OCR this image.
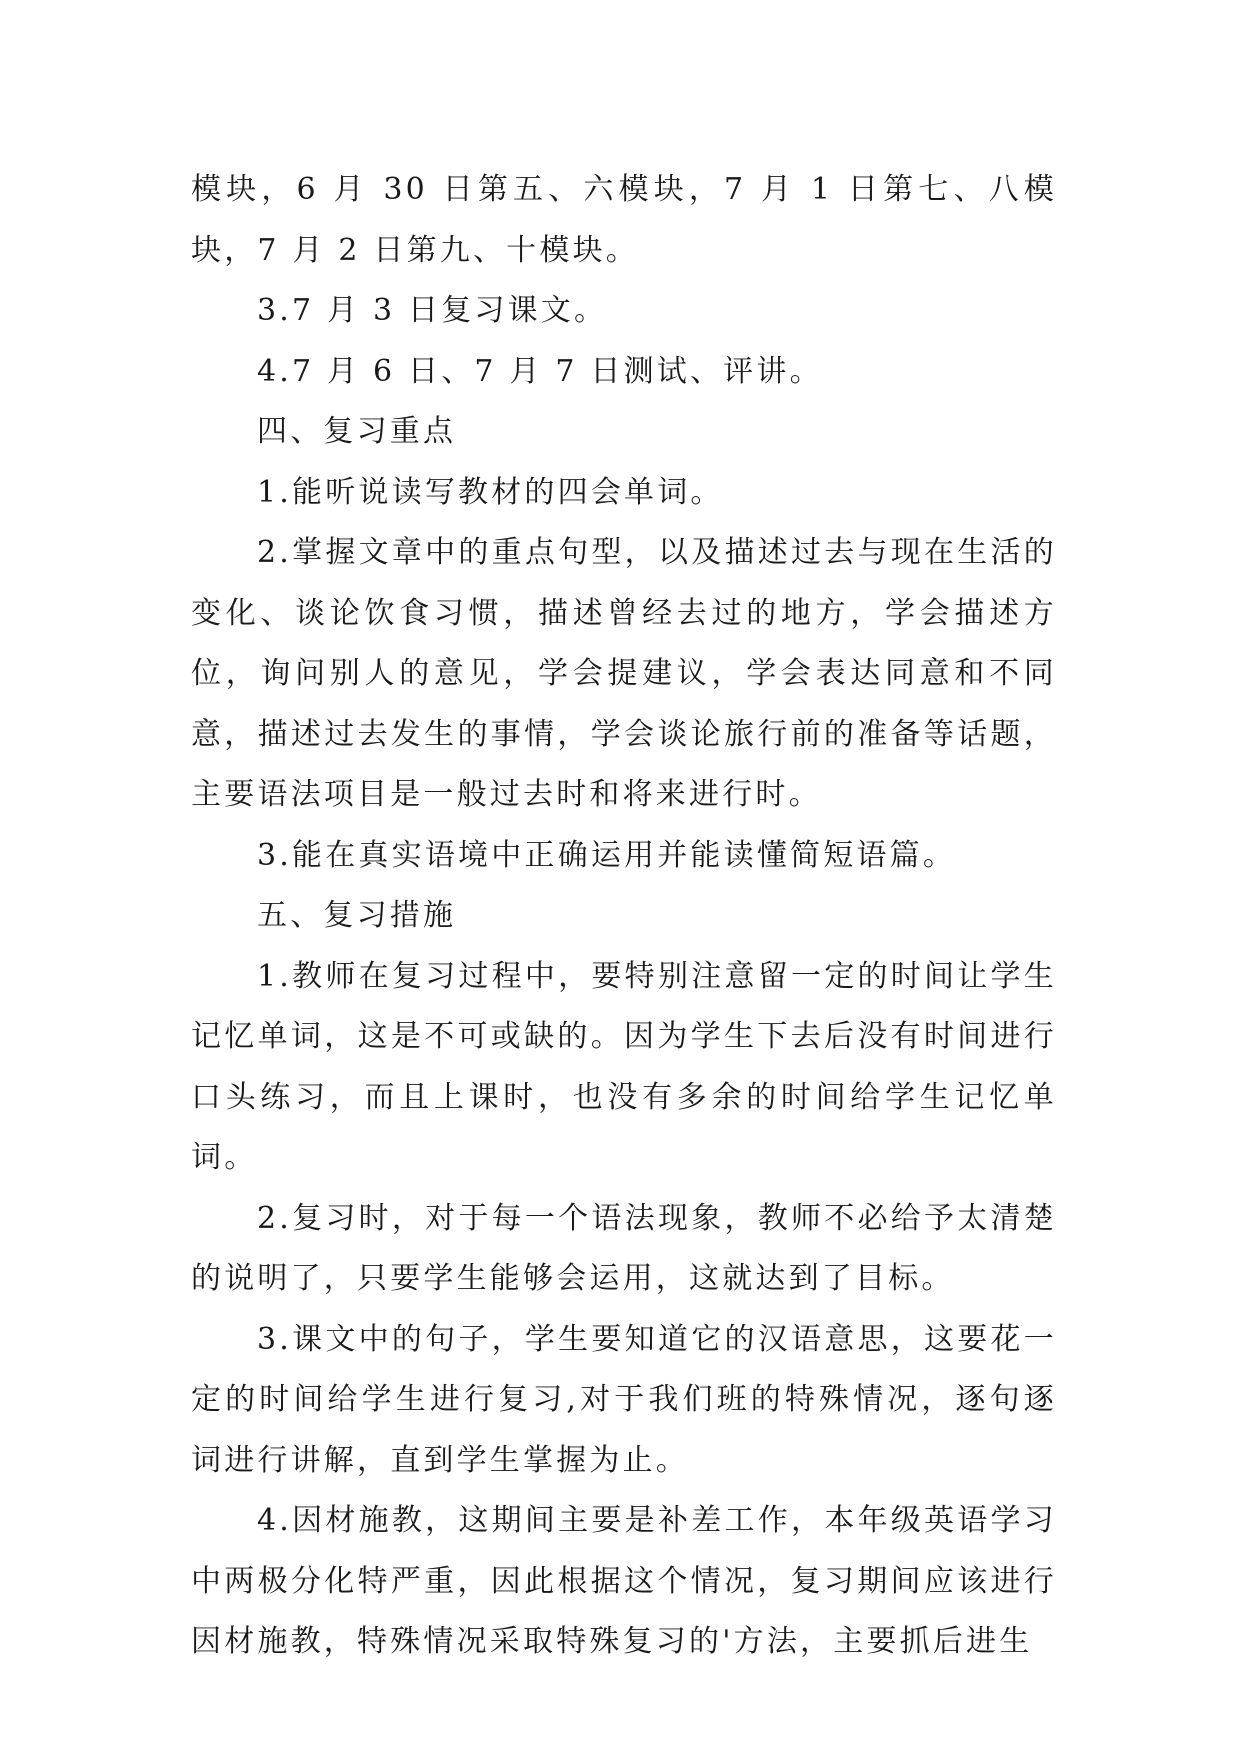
模块，6 月 30 日第五、六模块，7 月 1 日第七、八模块，7 月 2 日第九、十模块。

3.7 月 3 日复习课文。

4.7 月 6 日、7 月 7 日测试、评讲。

四、复习重点

1.能听说读写教材的四会单词。

2.掌握文章中的重点句型，以及描述过去与现在生活的变化、谈论饮食习惯，描述曾经去过的地方，学会描述方位，询问别人的意见，学会提建议，学会表达同意和不同意，描述过去发生的事情，学会谈论旅行前的准备等话题，主要语法项目是一般过去时和将来进行时。

3.能在真实语境中正确运用并能读懂简短语篇。

五、复习措施

1.教师在复习过程中，要特别注意留一定的时间让学生记忆单词，这是不可或缺的。因为学生下去后没有时间进行口头练习，而且上课时，也没有多余的时间给学生记忆单词。

2.复习时，对于每一个语法现象，教师不必给予太清楚的说明了，只要学生能够会运用，这就达到了目标。

3.课文中的句子，学生要知道它的汉语意思，这要花一定的时间给学生进行复习,对于我们班的特殊情况，逐句逐词进行讲解，直到学生掌握为止。

4.因材施教，这期间主要是补差工作，本年级英语学习中两极分化特严重，因此根据这个情况，复习期间应该进行因材施教，特殊情况采取特殊复习的'方法，主要抓后进生
